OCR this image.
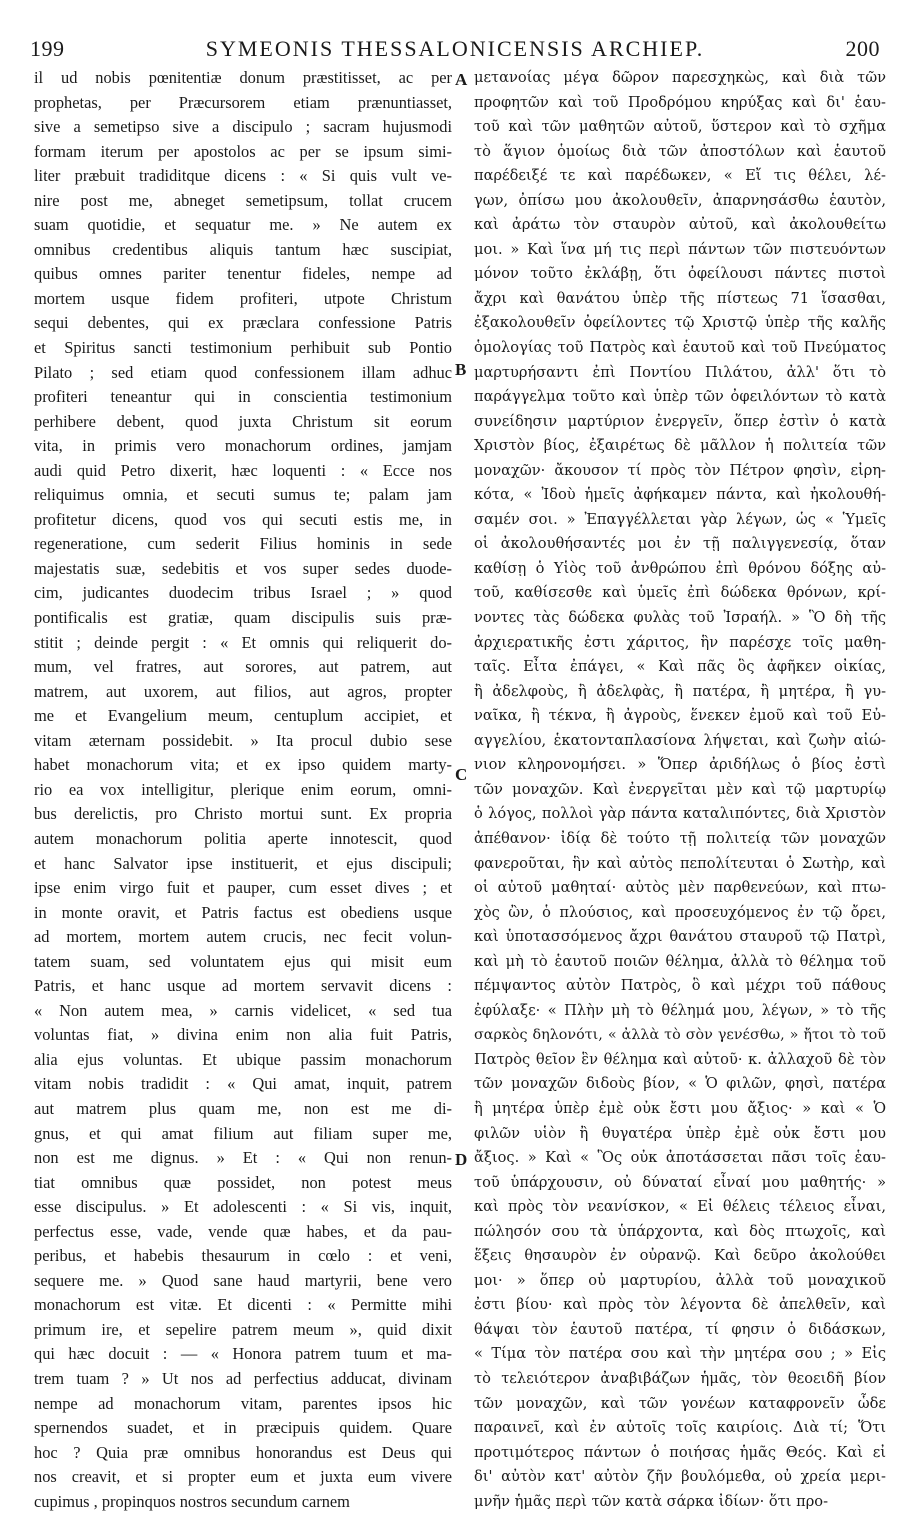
199	SYMEONIS THESSALONICENSIS ARCHIEP.	200
il ud nobis pœnitentiæ donum præstitisset, ac per
prophetas, per Præcursorem etiam prænuntiasset,
sive a semetipso sive a discipulo ; sacram hujusmodi
formam iterum per apostolos ac per se ipsum simi-
liter præbuit tradiditque dicens : « Si quis vult ve-
nire post me, abneget semetipsum, tollat crucem
suam quotidie, et sequatur me. » Ne autem ex
omnibus credentibus aliquis tantum hæc suscipiat,
quibus omnes pariter tenentur fideles, nempe ad
mortem usque fidem profiteri, utpote Christum
sequi debentes, qui ex præclara confessione Patris
et Spiritus sancti testimonium perhibuit sub Pontio
Pilato ; sed etiam quod confessionem illam adhuc
profiteri teneantur qui in conscientia testimonium
perhibere debent, quod juxta Christum sit eorum
vita, in primis vero monachorum ordines, jamjam
audi quid Petro dixerit, hæc loquenti : « Ecce nos
reliquimus omnia, et secuti sumus te; palam jam
profitetur dicens, quod vos qui secuti estis me, in
regeneratione, cum sederit Filius hominis in sede
majestatis suæ, sedebitis et vos super sedes duode-
cim, judicantes duodecim tribus Israel ; » quod
pontificalis est gratiæ, quam discipulis suis præ-
stitit ; deinde pergit : « Et omnis qui reliquerit do-
mum, vel fratres, aut sorores, aut patrem, aut
matrem, aut uxorem, aut filios, aut agros, propter
me et Evangelium meum, centuplum accipiet, et
vitam æternam possidebit. » Ita procul dubio sese
habet monachorum vita; et ex ipso quidem marty-
rio ea vox intelligitur, plerique enim eorum, omni-
bus derelictis, pro Christo mortui sunt. Ex propria
autem monachorum politia aperte innotescit, quod
et hanc Salvator ipse instituerit, et ejus discipuli;
ipse enim virgo fuit et pauper, cum esset dives ; et
in monte oravit, et Patris factus est obediens usque
ad mortem, mortem autem crucis, nec fecit volun-
tatem suam, sed voluntatem ejus qui misit eum
Patris, et hanc usque ad mortem servavit dicens :
« Non autem mea, » carnis videlicet, « sed tua
voluntas fiat, » divina enim non alia fuit Patris,
alia ejus voluntas. Et ubique passim monachorum
vitam nobis tradidit : « Qui amat, inquit, patrem
aut matrem plus quam me, non est me di-
gnus, et qui amat filium aut filiam super me,
non est me dignus. » Et : « Qui non renun-
tiat omnibus quæ possidet, non potest meus
esse discipulus. » Et adolescenti : « Si vis, inquit,
perfectus esse, vade, vende quæ habes, et da pau-
peribus, et habebis thesaurum in cœlo : et veni,
sequere me. » Quod sane haud martyrii, bene vero
monachorum est vitæ. Et dicenti : « Permitte mihi
primum ire, et sepelire patrem meum », quid dixit
qui hæc docuit : — « Honora patrem tuum et ma-
trem tuam ? » Ut nos ad perfectius adducat, divinam
nempe ad monachorum vitam, parentes ipsos hic
spernendos suadet, et in præcipuis quidem. Quare
hoc ? Quia præ omnibus honorandus est Deus qui
nos creavit, et si propter eum et juxta eum vivere
cupimus , propinquos nostros secundum carnem
A
B
C
D
μετανοίας μέγα δῶρον παρεσχηκὼς, καὶ διὰ τῶν
προφητῶν καὶ τοῦ Προδρόμου κηρύξας καὶ δι' ἑαυ-
τοῦ καὶ τῶν μαθητῶν αὐτοῦ, ὕστερον καὶ τὸ σχῆμα
τὸ ἅγιον ὁμοίως διὰ τῶν ἀποστόλων καὶ ἑαυτοῦ
παρέδειξέ τε καὶ παρέδωκεν, « Εἴ τις θέλει, λέ-
γων, ὀπίσω μου ἀκολουθεῖν, ἀπαρνησάσθω ἑαυτὸν,
καὶ ἀράτω τὸν σταυρὸν αὐτοῦ, καὶ ἀκολουθείτω
μοι. » Καὶ ἵνα μή τις περὶ πάντων τῶν πιστευόντων
μόνον τοῦτο ἐκλάβῃ, ὅτι ὀφείλουσι πάντες πιστοὶ
ἄχρι καὶ θανάτου ὑπὲρ τῆς πίστεως 71 ἵσασθαι,
ἐξακολουθεῖν ὀφείλοντες τῷ Χριστῷ ὑπὲρ τῆς καλῆς
ὁμολογίας τοῦ Πατρὸς καὶ ἑαυτοῦ καὶ τοῦ Πνεύματος
μαρτυρήσαντι ἐπὶ Ποντίου Πιλάτου, ἀλλ' ὅτι τὸ
παράγγελμα τοῦτο καὶ ὑπὲρ τῶν ὀφειλόντων τὸ κατὰ
συνείδησιν μαρτύριον ἐνεργεῖν, ὅπερ ἐστὶν ὁ κατὰ
Χριστὸν βίος, ἐξαιρέτως δὲ μᾶλλον ἡ πολιτεία τῶν
μοναχῶν· ἄκουσον τί πρὸς τὸν Πέτρον φησὶν, εἰρη-
κότα, « Ἰδοὺ ἡμεῖς ἀφήκαμεν πάντα, καὶ ἠκολουθή-
σαμέν σοι. » Ἐπαγγέλλεται γὰρ λέγων, ὡς « Ὑμεῖς
οἱ ἀκολουθήσαντές μοι ἐν τῇ παλιγγενεσίᾳ, ὅταν
καθίσῃ ὁ Υἱὸς τοῦ ἀνθρώπου ἐπὶ θρόνου δόξης αὐ-
τοῦ, καθίσεσθε καὶ ὑμεῖς ἐπὶ δώδεκα θρόνων, κρί-
νοντες τὰς δώδεκα φυλὰς τοῦ Ἰσραήλ. » Ὃ δὴ τῆς
ἀρχιερατικῆς ἐστι χάριτος, ἣν παρέσχε τοῖς μαθη-
ταῖς. Εἶτα ἐπάγει, « Καὶ πᾶς ὃς ἀφῆκεν οἰκίας,
ἢ ἀδελφοὺς, ἢ ἀδελφὰς, ἢ πατέρα, ἢ μητέρα, ἢ γυ-
ναῖκα, ἢ τέκνα, ἢ ἀγροὺς, ἕνεκεν ἐμοῦ καὶ τοῦ Εὐ-
αγγελίου, ἑκατονταπλασίονα λήψεται, καὶ ζωὴν αἰώ-
νιον κληρονομήσει. » Ὅπερ ἀριδήλως ὁ βίος ἐστὶ
τῶν μοναχῶν. Καὶ ἐνεργεῖται μὲν καὶ τῷ μαρτυρίῳ
ὁ λόγος, πολλοὶ γὰρ πάντα καταλιπόντες, διὰ Χριστὸν
ἀπέθανον· ἰδίᾳ δὲ τούτο τῇ πολιτείᾳ τῶν μοναχῶν
φανεροῦται, ἣν καὶ αὐτὸς πεπολίτευται ὁ Σωτὴρ, καὶ
οἱ αὐτοῦ μαθηταί· αὐτὸς μὲν παρθενεύων, καὶ πτω-
χὸς ὢν, ὁ πλούσιος, καὶ προσευχόμενος ἐν τῷ ὄρει,
καὶ ὑποτασσόμενος ἄχρι θανάτου σταυροῦ τῷ Πατρὶ,
καὶ μὴ τὸ ἑαυτοῦ ποιῶν θέλημα, ἀλλὰ τὸ θέλημα τοῦ
πέμψαντος αὐτὸν Πατρὸς, ὃ καὶ μέχρι τοῦ πάθους
ἐφύλαξε· « Πλὴν μὴ τὸ θέλημά μου, λέγων, » τὸ τῆς
σαρκὸς δηλονότι, « ἀλλὰ τὸ σὸν γενέσθω, » ἤτοι τὸ τοῦ
Πατρὸς θεῖον ἓν θέλημα καὶ αὐτοῦ· κ. ἀλλαχοῦ δὲ τὸν
τῶν μοναχῶν διδοὺς βίον, « Ὁ φιλῶν, φησὶ, πατέρα
ἢ μητέρα ὑπὲρ ἐμὲ οὐκ ἔστι μου ἄξιος· » καὶ « Ὁ
φιλῶν υἱὸν ἢ θυγατέρα ὑπὲρ ἐμὲ οὐκ ἔστι μου
ἄξιος. » Καὶ « Ὃς οὐκ ἀποτάσσεται πᾶσι τοῖς ἑαυ-
τοῦ ὑπάρχουσιν, οὐ δύναταί εἶναί μου μαθητής· »
καὶ πρὸς τὸν νεανίσκον, « Εἰ θέλεις τέλειος εἶναι,
πώλησόν σου τὰ ὑπάρχοντα, καὶ δὸς πτωχοῖς, καὶ
ἕξεις θησαυρὸν ἐν οὐρανῷ. Καὶ δεῦρο ἀκολούθει
μοι· » ὅπερ οὐ μαρτυρίου, ἀλλὰ τοῦ μοναχικοῦ
ἐστι βίου· καὶ πρὸς τὸν λέγοντα δὲ ἀπελθεῖν, καὶ
θάψαι τὸν ἑαυτοῦ πατέρα, τί φησιν ὁ διδάσκων,
« Τίμα τὸν πατέρα σου καὶ τὴν μητέρα σου ; » Εἰς
τὸ τελειότερον ἀναβιβάζων ἡμᾶς, τὸν θεοειδῆ βίον
τῶν μοναχῶν, καὶ τῶν γονέων καταφρονεῖν ὧδε
παραινεῖ, καὶ ἐν αὐτοῖς τοῖς καιρίοις. Διὰ τί; Ὅτι
προτιμότερος πάντων ὁ ποιήσας ἡμᾶς Θεός. Καὶ εἰ
δι' αὐτὸν κατ' αὐτὸν ζῆν βουλόμεθα, οὐ χρεία μερι-
μνῆν ἡμᾶς περὶ τῶν κατὰ σάρκα ἰδίων· ὅτι προ-
